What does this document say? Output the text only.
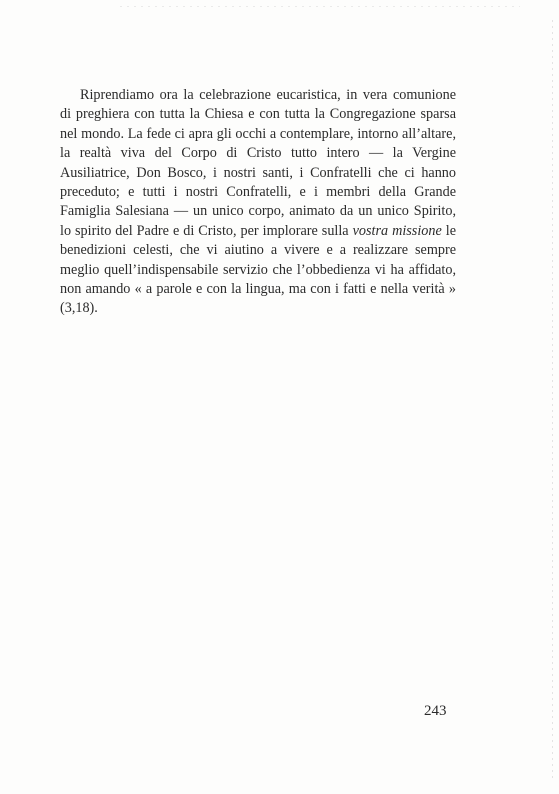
Riprendiamo ora la celebrazione eucaristica, in vera comunione di preghiera con tutta la Chiesa e con tutta la Congregazione sparsa nel mondo. La fede ci apra gli occhi a contemplare, intorno all’altare, la realtà viva del Corpo di Cristo tutto intero — la Vergine Ausiliatrice, Don Bosco, i nostri santi, i Confratelli che ci hanno preceduto; e tutti i nostri Confratelli, e i membri della Grande Famiglia Salesiana — un unico corpo, animato da un unico Spirito, lo spirito del Padre e di Cristo, per implorare sulla vostra missione le benedizioni celesti, che vi aiutino a vivere e a realizzare sempre meglio quell’indispensabile servizio che l’obbedienza vi ha affidato, non amando « a parole e con la lingua, ma con i fatti e nella verità » (3,18).

243
